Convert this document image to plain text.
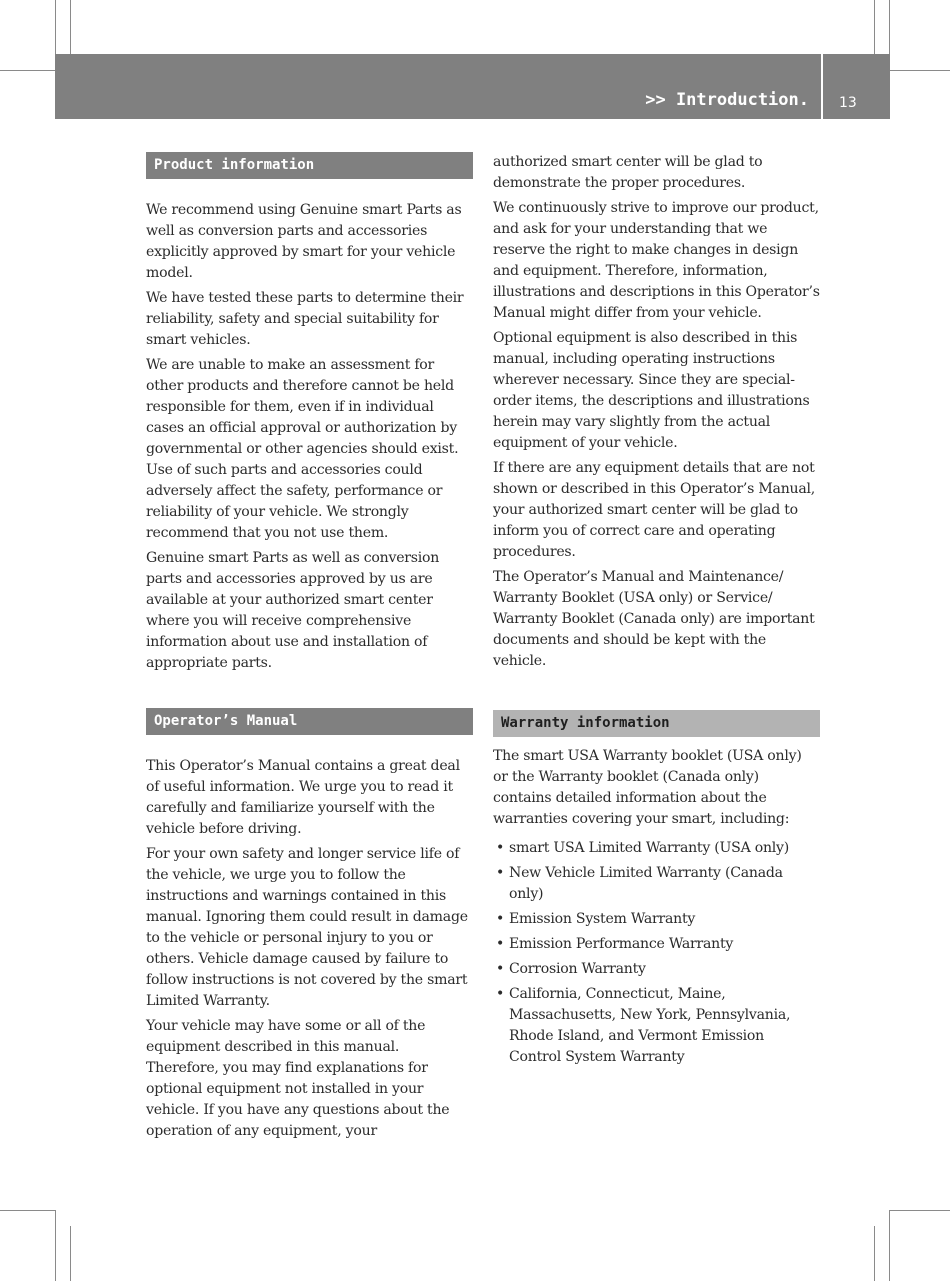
>> Introduction. 13
Product information

We recommend using Genuine smart Parts as well as conversion parts and accessories explicitly approved by smart for your vehicle model.

We have tested these parts to determine their reliability, safety and special suitability for smart vehicles.

We are unable to make an assessment for other products and therefore cannot be held responsible for them, even if in individual cases an official approval or authorization by governmental or other agencies should exist. Use of such parts and accessories could adversely affect the safety, performance or reliability of your vehicle. We strongly recommend that you not use them.

Genuine smart Parts as well as conversion parts and accessories approved by us are available at your authorized smart center where you will receive comprehensive information about use and installation of appropriate parts.

Operator’s Manual

This Operator’s Manual contains a great deal of useful information. We urge you to read it carefully and familiarize yourself with the vehicle before driving.

For your own safety and longer service life of the vehicle, we urge you to follow the instructions and warnings contained in this manual. Ignoring them could result in damage to the vehicle or personal injury to you or others. Vehicle damage caused by failure to follow instructions is not covered by the smart Limited Warranty.

Your vehicle may have some or all of the equipment described in this manual. Therefore, you may find explanations for optional equipment not installed in your vehicle. If you have any questions about the operation of any equipment, your

authorized smart center will be glad to demonstrate the proper procedures.

We continuously strive to improve our product, and ask for your understanding that we reserve the right to make changes in design and equipment. Therefore, information, illustrations and descriptions in this Operator’s Manual might differ from your vehicle.

Optional equipment is also described in this manual, including operating instructions wherever necessary. Since they are special-order items, the descriptions and illustrations herein may vary slightly from the actual equipment of your vehicle.

If there are any equipment details that are not shown or described in this Operator’s Manual, your authorized smart center will be glad to inform you of correct care and operating procedures.

The Operator’s Manual and Maintenance/ Warranty Booklet (USA only) or Service/ Warranty Booklet (Canada only) are important documents and should be kept with the vehicle.

Warranty information

The smart USA Warranty booklet (USA only) or the Warranty booklet (Canada only) contains detailed information about the warranties covering your smart, including:

• smart USA Limited Warranty (USA only)
• New Vehicle Limited Warranty (Canada only)
• Emission System Warranty
• Emission Performance Warranty
• Corrosion Warranty
• California, Connecticut, Maine, Massachusetts, New York, Pennsylvania, Rhode Island, and Vermont Emission Control System Warranty
